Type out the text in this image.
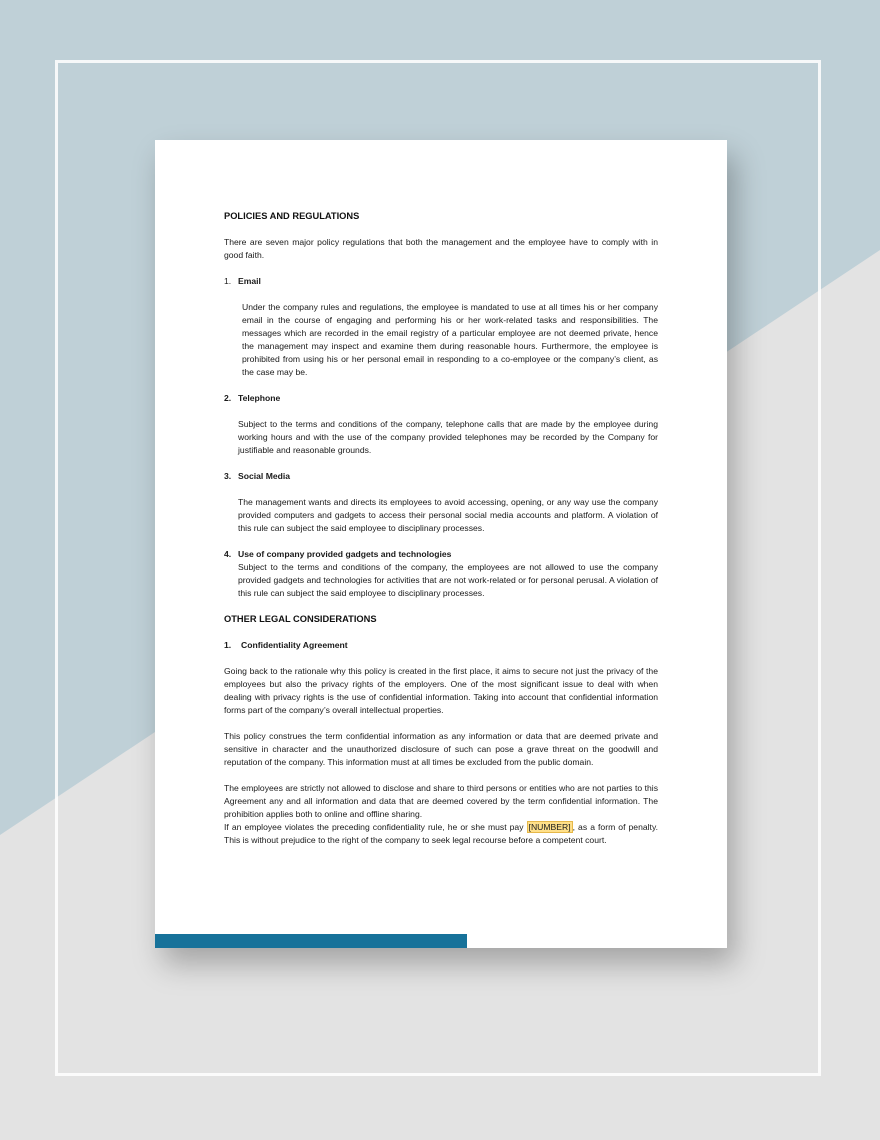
POLICIES AND REGULATIONS

There are seven major policy regulations that both the management and the employee have to comply with in good faith.

1. Email

Under the company rules and regulations, the employee is mandated to use at all times his or her company email in the course of engaging and performing his or her work-related tasks and responsibilities. The messages which are recorded in the email registry of a particular employee are not deemed private, hence the management may inspect and examine them during reasonable hours. Furthermore, the employee is prohibited from using his or her personal email in responding to a co-employee or the company’s client, as the case may be.

2. Telephone

Subject to the terms and conditions of the company, telephone calls that are made by the employee during working hours and with the use of the company provided telephones may be recorded by the Company for justifiable and reasonable grounds.

3. Social Media

The management wants and directs its employees to avoid accessing, opening, or any way use the company provided computers and gadgets to access their personal social media accounts and platform. A violation of this rule can subject the said employee to disciplinary processes.

4. Use of company provided gadgets and technologies

Subject to the terms and conditions of the company, the employees are not allowed to use the company provided gadgets and technologies for activities that are not work-related or for personal perusal. A violation of this rule can subject the said employee to disciplinary processes.

OTHER LEGAL CONSIDERATIONS
1. Confidentiality Agreement

Going back to the rationale why this policy is created in the first place, it aims to secure not just the privacy of the employees but also the privacy rights of the employers. One of the most significant issue to deal with when dealing with privacy rights is the use of confidential information. Taking into account that confidential information forms part of the company’s overall intellectual properties.

This policy construes the term confidential information as any information or data that are deemed private and sensitive in character and the unauthorized disclosure of such can pose a grave threat on the goodwill and reputation of the company. This information must at all times be excluded from the public domain.

The employees are strictly not allowed to disclose and share to third persons or entities who are not parties to this Agreement any and all information and data that are deemed covered by the term confidential information. The prohibition applies both to online and offline sharing.

If an employee violates the preceding confidentiality rule, he or she must pay [NUMBER] , as a form of penalty. This is without prejudice to the right of the company to seek legal recourse before a competent court.
